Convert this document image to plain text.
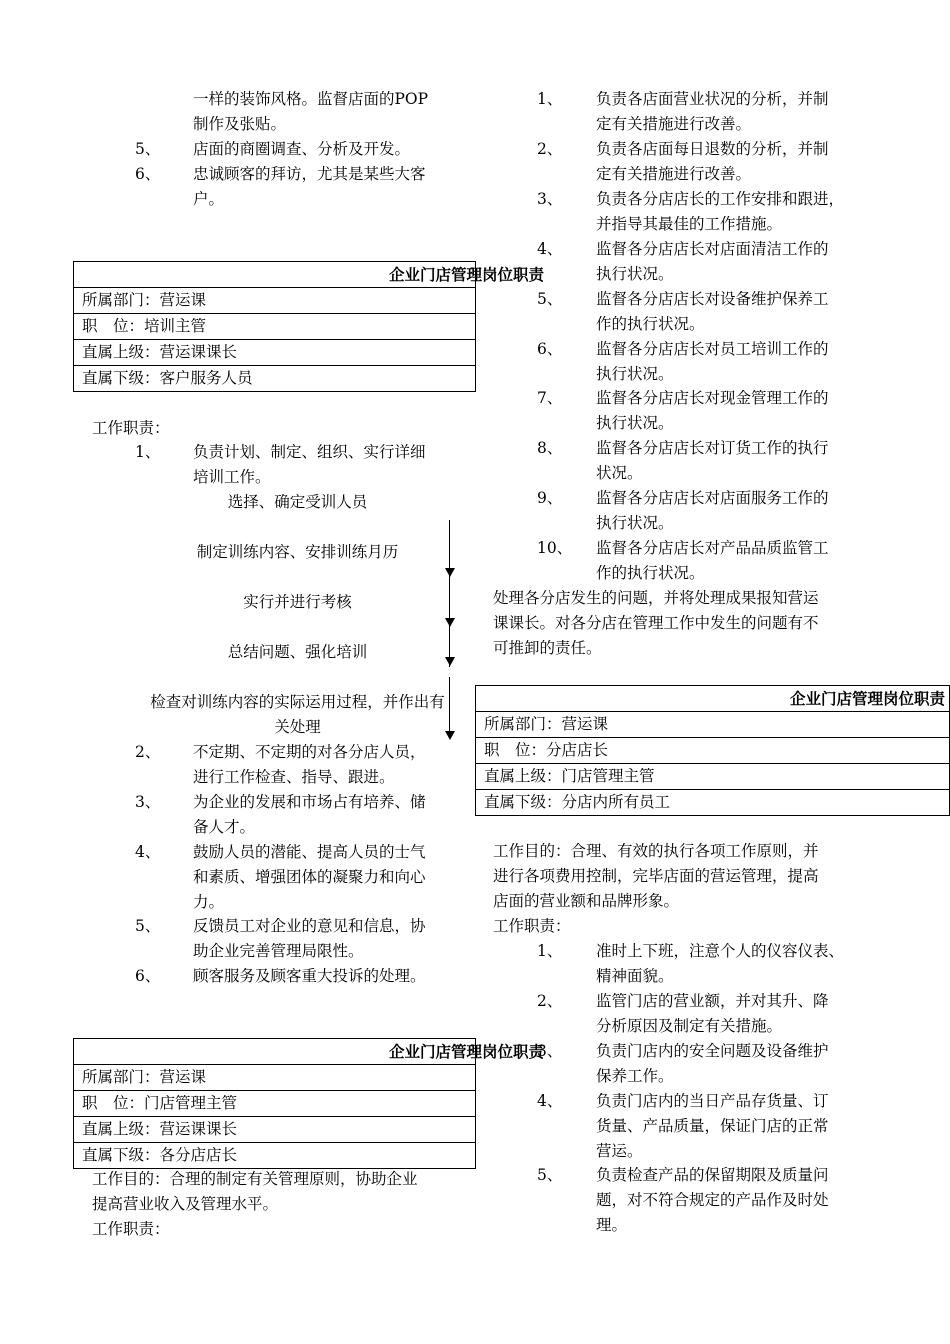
一样的装饰风格。监督店面的POP
制作及张贴。
5、 店面的商圈调查、分析及开发。
6、 忠诚顾客的拜访，尤其是某些大客
户。
企业门店管理岗位职责
所属部门：营运课
职　位：培训主管
直属上级：营运课课长
直属下级：客户服务人员
工作职责：
1、 负责计划、制定、组织、实行详细
培训工作。
选择、确定受训人员
制定训练内容、安排训练月历
实行并进行考核
总结问题、强化培训
检查对训练内容的实际运用过程，并作出有
关处理
2、 不定期、不定期的对各分店人员，
进行工作检查、指导、跟进。
3、 为企业的发展和市场占有培养、储
备人才。
4、 鼓励人员的潜能、提高人员的士气
和素质、增强团体的凝聚力和向心
力。
5、 反馈员工对企业的意见和信息，协
助企业完善管理局限性。
6、 顾客服务及顾客重大投诉的处理。
企业门店管理岗位职责
所属部门：营运课
职　位：门店管理主管
直属上级：营运课课长
直属下级：各分店店长
工作目的：合理的制定有关管理原则，协助企业
提高营业收入及管理水平。
工作职责：
1、 负责各店面营业状况的分析，并制
定有关措施进行改善。
2、 负责各店面每日退数的分析，并制
定有关措施进行改善。
3、 负责各分店店长的工作安排和跟进，
并指导其最佳的工作措施。
4、 监督各分店店长对店面清洁工作的
执行状况。
5、 监督各分店店长对设备维护保养工
作的执行状况。
6、 监督各分店店长对员工培训工作的
执行状况。
7、 监督各分店店长对现金管理工作的
执行状况。
8、 监督各分店店长对订货工作的执行
状况。
9、 监督各分店店长对店面服务工作的
执行状况。
10、 监督各分店店长对产品品质监管工
作的执行状况。
处理各分店发生的问题，并将处理成果报知营运
课课长。对各分店在管理工作中发生的问题有不
可推卸的责任。
企业门店管理岗位职责
所属部门：营运课
职　位：分店店长
直属上级：门店管理主管
直属下级：分店内所有员工
工作目的：合理、有效的执行各项工作原则，并
进行各项费用控制，完毕店面的营运管理，提高
店面的营业额和品牌形象。
工作职责：
1、 准时上下班，注意个人的仪容仪表、
精神面貌。
2、 监管门店的营业额，并对其升、降
分析原因及制定有关措施。
3、 负责门店内的安全问题及设备维护
保养工作。
4、 负责门店内的当日产品存货量、订
货量、产品质量，保证门店的正常
营运。
5、 负责检查产品的保留期限及质量问
题，对不符合规定的产品作及时处
理。
